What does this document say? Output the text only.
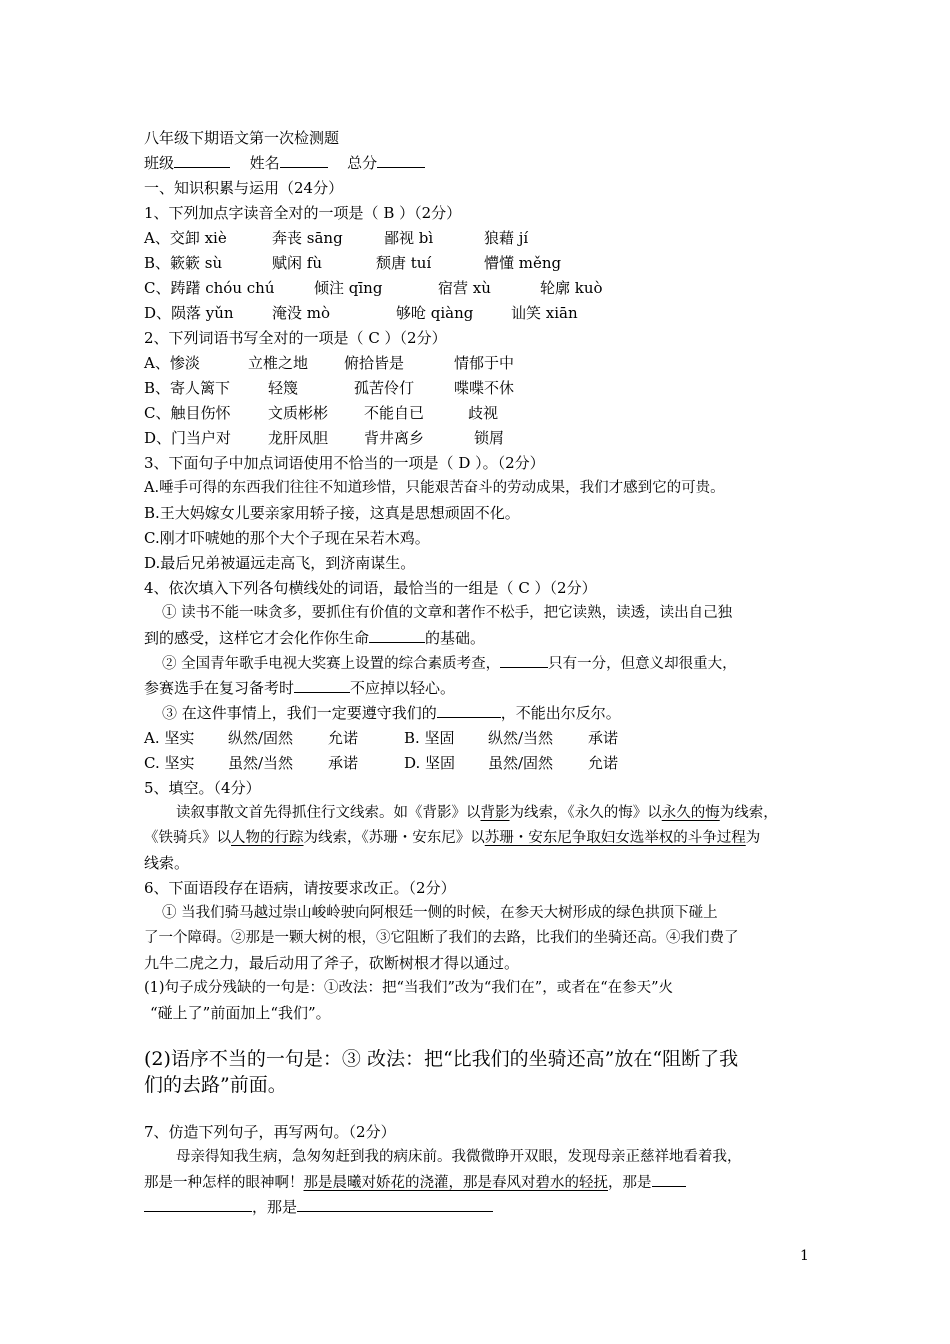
八年级下期语文第一次检测题
班级	姓名	总分
一、知识积累与运用（24分）
1、下列加点字读音全对的一项是（ B ）（2分）
A、交卸 xiè	奔丧 sāng	鄙视 bì	狼藉 jí
B、簌簌 sù	赋闲 fù	颓唐 tuí	懵懂 měng
C、踌躇 chóu chú	倾注 qīng	宿营 xù	轮廓 kuò
D、陨落 yǔn	淹没 mò	够呛 qiàng	讪笑 xiān
2、下列词语书写全对的一项是（ C ）（2分）
A、惨淡	立椎之地 俯拾皆是	情郁于中
B、寄人篱下	轻篾	孤苦伶仃	喋喋不休
C、触目伤怀	文质彬彬 不能自已	歧视
D、门当户对 龙肝凤胆 背井离乡	锁屑
3、下面句子中加点词语使用不恰当的一项是（ D ）。（2分）
A.唾手可得的东西我们往往不知道珍惜，只能艰苦奋斗的劳动成果，我们才感到它的可贵。
B.王大妈嫁女儿要亲家用轿子接，这真是思想顽固不化。
C.刚才吓唬她的那个大个子现在呆若木鸡。
D.最后兄弟被逼远走高飞，到济南谋生。
4、依次填入下列各句横线处的词语，最恰当的一组是（ C ）（2分）
① 读书不能一味贪多，要抓住有价值的文章和著作不松手，把它读熟，读透，读出自己独
到的感受，这样它才会化作你生命	的基础。
② 全国青年歌手电视大奖赛上设置的综合素质考查，	只有一分，但意义却很重大，
参赛选手在复习备考时	不应掉以轻心。
③ 在这件事情上，我们一定要遵守我们的	，不能出尔反尔。
A. 坚实 纵然/固然 允诺	B. 坚固 纵然/当然 承诺
C. 坚实 虽然/当然 承诺	D. 坚固 虽然/固然 允诺
5、填空。（4分）
读叙事散文首先得抓住行文线索。如《背影》以背影为线索，《永久的悔》以永久的悔为线索，
《铁骑兵》以人物的行踪为线索，《苏珊・安东尼》以苏珊・安东尼争取妇女选举权的斗争过程为
线索。
6、下面语段存在语病，请按要求改正。（2分）
① 当我们骑马越过崇山峻岭驶向阿根廷一侧的时候，在参天大树形成的绿色拱顶下碰上
了一个障碍。②那是一颗大树的根，③它阻断了我们的去路，比我们的坐骑还高。④我们费了
九牛二虎之力，最后动用了斧子，砍断树根才得以通过。
(1)句子成分残缺的一句是：①改法：把“当我们”改为“我们在”，或者在“在参天”火
“碰上了”前面加上“我们”。
(2)语序不当的一句是：③ 改法：把“比我们的坐骑还高”放在“阻断了我
们的去路”前面。
7、仿造下列句子，再写两句。（2分）
母亲得知我生病，急匆匆赶到我的病床前。我微微睁开双眼，发现母亲正慈祥地看着我，
那是一种怎样的眼神啊！那是晨曦对娇花的浇灌，那是春风对碧水的轻抚，那是
，那是
1
